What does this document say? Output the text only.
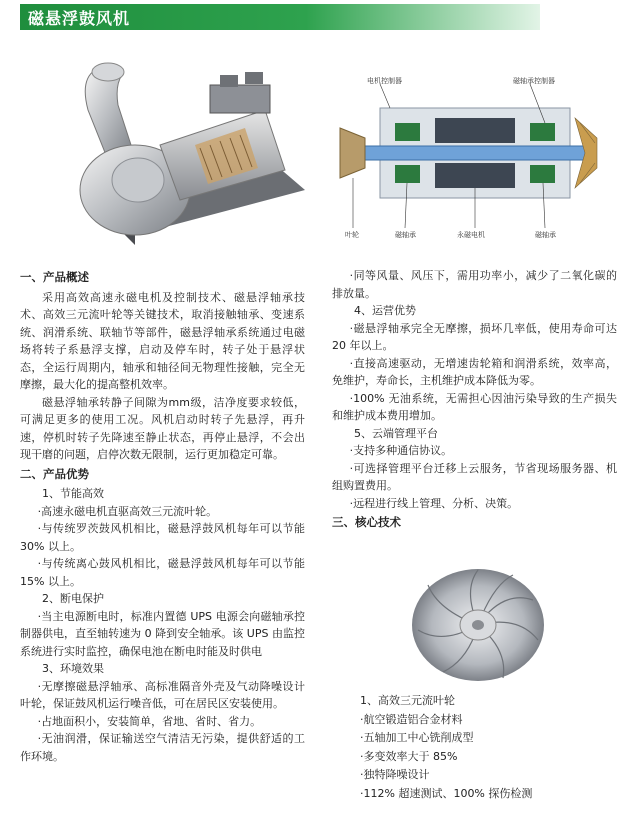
磁悬浮鼓风机
电机控制器	磁轴承控制器
叶轮	磁轴承	永磁电机	磁轴承
一、产品概述

采用高效高速永磁电机及控制技术、磁悬浮轴承技术、高效三元流叶轮等关键技术，取消接触轴承、变速系统、润滑系统、联轴节等部件，磁悬浮轴承系统通过电磁场将转子系悬浮支撑，启动及停车时，转子处于悬浮状态，全运行周期内，轴承和轴径间无物理性接触，完全无摩擦，最大化的提高整机效率。

磁悬浮轴承转静子间隙为mm级，洁净度要求较低，可满足更多的使用工况。风机启动时转子先悬浮，再升速，停机时转子先降速至静止状态，再停止悬浮，不会出现干磨的问题，启停次数无限制，运行更加稳定可靠。

二、产品优势

1、节能高效

·高速永磁电机直驱高效三元流叶轮。

·与传统罗茨鼓风机相比，磁悬浮鼓风机每年可以节能 30% 以上。

·与传统离心鼓风机相比，磁悬浮鼓风机每年可以节能 15% 以上。

2、断电保护

·当主电源断电时，标准内置德 UPS 电源会向磁轴承控制器供电，直至轴转速为 0 降到安全轴承。该 UPS 由监控系统进行实时监控，确保电池在断电时能及时供电

3、环境效果

·无摩擦磁悬浮轴承、高标准隔音外壳及气动降噪设计叶轮，保证鼓风机运行噪音低，可在居民区安装使用。

·占地面积小，安装简单，省地、省时、省力。

·无油润滑，保证输送空气清洁无污染，提供舒适的工作环境。

·同等风量、风压下，需用功率小，减少了二氧化碳的排放量。

4、运营优势

·磁悬浮轴承完全无摩擦，损坏几率低，使用寿命可达 20 年以上。

·直接高速驱动，无增速齿轮箱和润滑系统，效率高，免维护，寿命长，主机维护成本降低为零。

·100% 无油系统，无需担心因油污染导致的生产损失和维护成本费用增加。

5、云端管理平台

·支持多种通信协议。

·可选择管理平台迁移上云服务，节省现场服务器、机组购置费用。

·远程进行线上管理、分析、决策。

三、核心技术
1、高效三元流叶轮
·航空锻造铝合金材料
·五轴加工中心铣削成型
·多变效率大于 85%
·独特降噪设计
·112% 超速测试、100% 探伤检测
